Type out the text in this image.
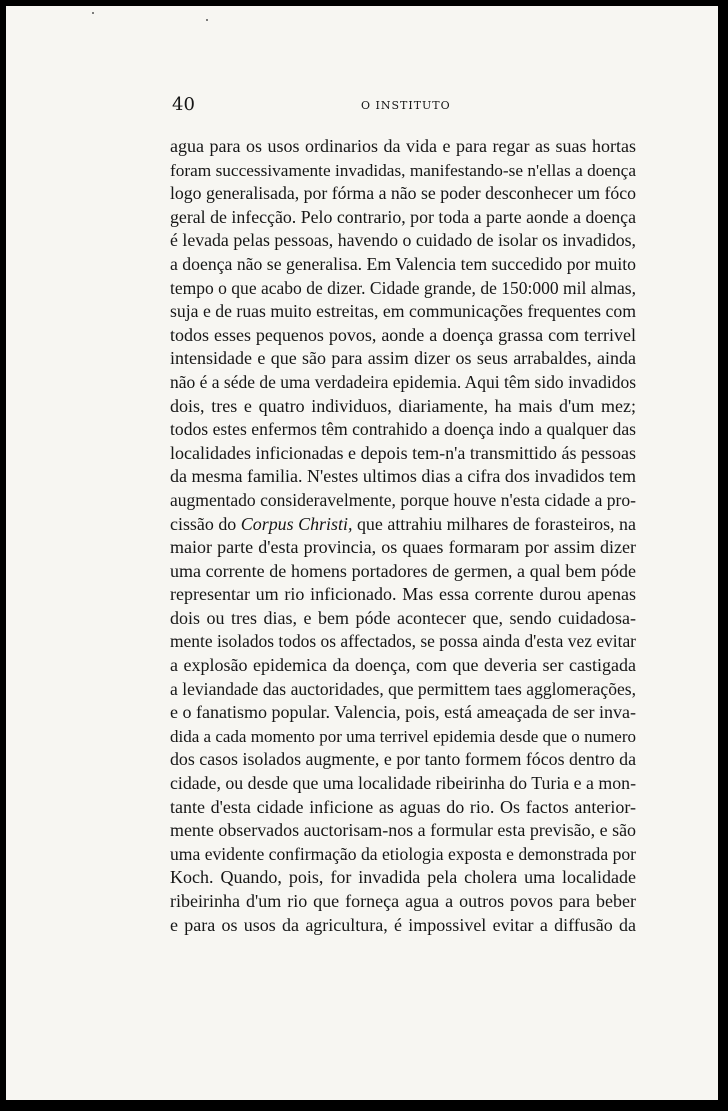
40	O INSTITUTO
agua para os usos ordinarios da vida e para regar as suas hortas
foram successivamente invadidas, manifestando-se n'ellas a doença
logo generalisada, por fórma a não se poder desconhecer um fóco
geral de infecção. Pelo contrario, por toda a parte aonde a doença
é levada pelas pessoas, havendo o cuidado de isolar os invadidos,
a doença não se generalisa. Em Valencia tem succedido por muito
tempo o que acabo de dizer. Cidade grande, de 150:000 mil almas,
suja e de ruas muito estreitas, em communicações frequentes com
todos esses pequenos povos, aonde a doença grassa com terrivel
intensidade e que são para assim dizer os seus arrabaldes, ainda
não é a séde de uma verdadeira epidemia. Aqui têm sido invadidos
dois, tres e quatro individuos, diariamente, ha mais d'um mez;
todos estes enfermos têm contrahido a doença indo a qualquer das
localidades inficionadas e depois tem-n'a transmittido ás pessoas
da mesma familia. N'estes ultimos dias a cifra dos invadidos tem
augmentado consideravelmente, porque houve n'esta cidade a pro-
cissão do Corpus Christi, que attrahiu milhares de forasteiros, na
maior parte d'esta provincia, os quaes formaram por assim dizer
uma corrente de homens portadores de germen, a qual bem póde
representar um rio inficionado. Mas essa corrente durou apenas
dois ou tres dias, e bem póde acontecer que, sendo cuidadosa-
mente isolados todos os affectados, se possa ainda d'esta vez evitar
a explosão epidemica da doença, com que deveria ser castigada
a leviandade das auctoridades, que permittem taes agglomerações,
e o fanatismo popular. Valencia, pois, está ameaçada de ser inva-
dida a cada momento por uma terrivel epidemia desde que o numero
dos casos isolados augmente, e por tanto formem fócos dentro da
cidade, ou desde que uma localidade ribeirinha do Turia e a mon-
tante d'esta cidade inficione as aguas do rio. Os factos anterior-
mente observados auctorisam-nos a formular esta previsão, e são
uma evidente confirmação da etiologia exposta e demonstrada por
Koch. Quando, pois, for invadida pela cholera uma localidade
ribeirinha d'um rio que forneça agua a outros povos para beber
e para os usos da agricultura, é impossivel evitar a diffusão da
